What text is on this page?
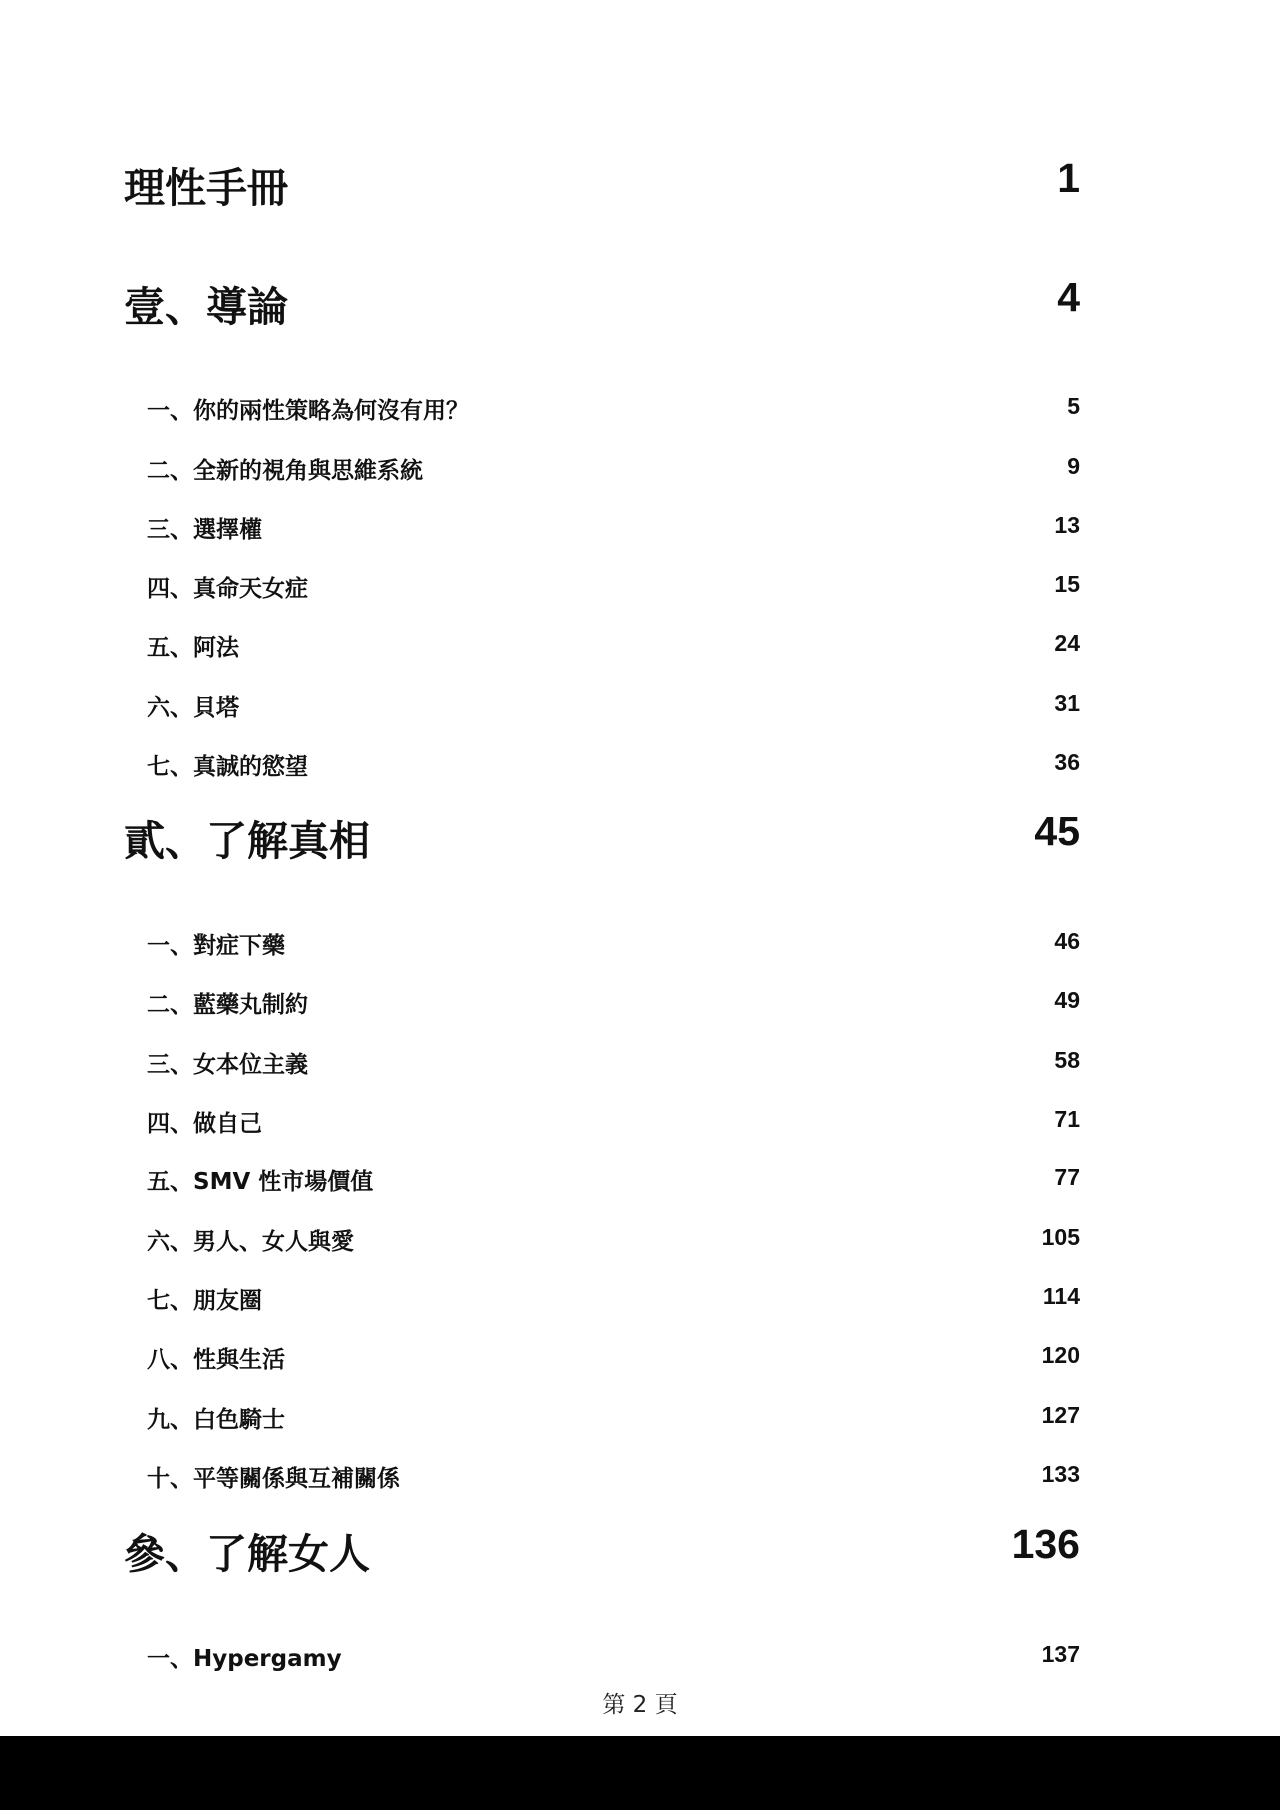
理性手冊	1
壹、導論	4
一、你的兩性策略為何沒有用？	5
二、全新的視角與思維系統	9
三、選擇權	13
四、真命天女症	15
五、阿法	24
六、貝塔	31
七、真誠的慾望	36
貳、了解真相	45
一、對症下藥	46
二、藍藥丸制約	49
三、女本位主義	58
四、做自己	71
五、SMV 性市場價值	77
六、男人、女人與愛	105
七、朋友圈	114
八、性與生活	120
九、白色騎士	127
十、平等關係與互補關係	133
參、了解女人	136
一、Hypergamy	137
第 2 頁
